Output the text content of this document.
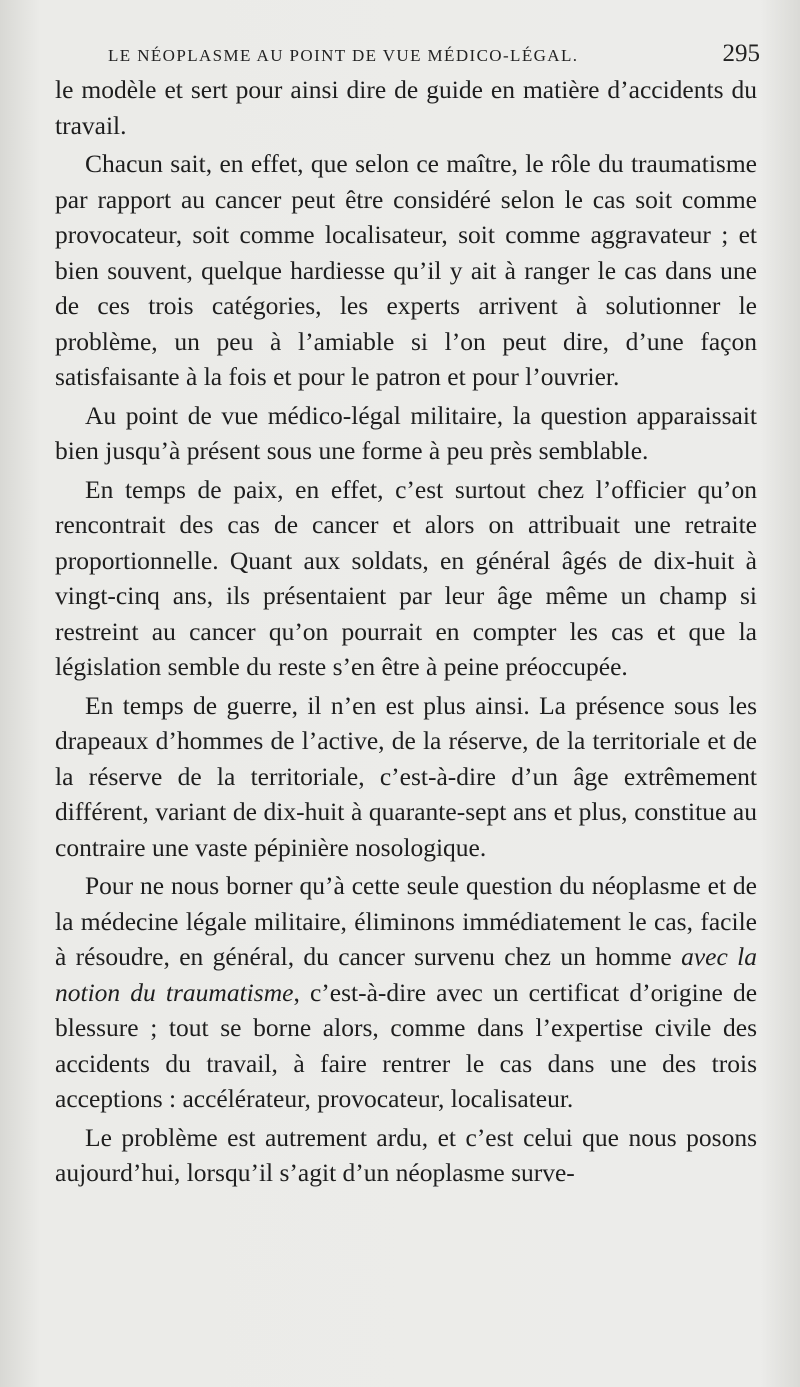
LE NÉOPLASME AU POINT DE VUE MÉDICO-LÉGAL.	295

le modèle et sert pour ainsi dire de guide en matière d’accidents du travail.

Chacun sait, en effet, que selon ce maître, le rôle du traumatisme par rapport au cancer peut être considéré selon le cas soit comme provocateur, soit comme localisateur, soit comme aggravateur ; et bien souvent, quelque hardiesse qu’il y ait à ranger le cas dans une de ces trois catégories, les experts arrivent à solutionner le problème, un peu à l’amiable si l’on peut dire, d’une façon satisfaisante à la fois et pour le patron et pour l’ouvrier.

Au point de vue médico-légal militaire, la question apparaissait bien jusqu’à présent sous une forme à peu près semblable.

En temps de paix, en effet, c’est surtout chez l’officier qu’on rencontrait des cas de cancer et alors on attribuait une retraite proportionnelle. Quant aux soldats, en général âgés de dix-huit à vingt-cinq ans, ils présentaient par leur âge même un champ si restreint au cancer qu’on pourrait en compter les cas et que la législation semble du reste s’en être à peine préoccupée.

En temps de guerre, il n’en est plus ainsi. La présence sous les drapeaux d’hommes de l’active, de la réserve, de la territoriale et de la réserve de la territoriale, c’est-à-dire d’un âge extrêmement différent, variant de dix-huit à quarante-sept ans et plus, constitue au contraire une vaste pépinière nosologique.

Pour ne nous borner qu’à cette seule question du néoplasme et de la médecine légale militaire, éliminons immédiatement le cas, facile à résoudre, en général, du cancer survenu chez un homme avec la notion du traumatisme, c’est-à-dire avec un certificat d’origine de blessure ; tout se borne alors, comme dans l’expertise civile des accidents du travail, à faire rentrer le cas dans une des trois acceptions : accélérateur, provocateur, localisateur.

Le problème est autrement ardu, et c’est celui que nous posons aujourd’hui, lorsqu’il s’agit d’un néoplasme surve-
